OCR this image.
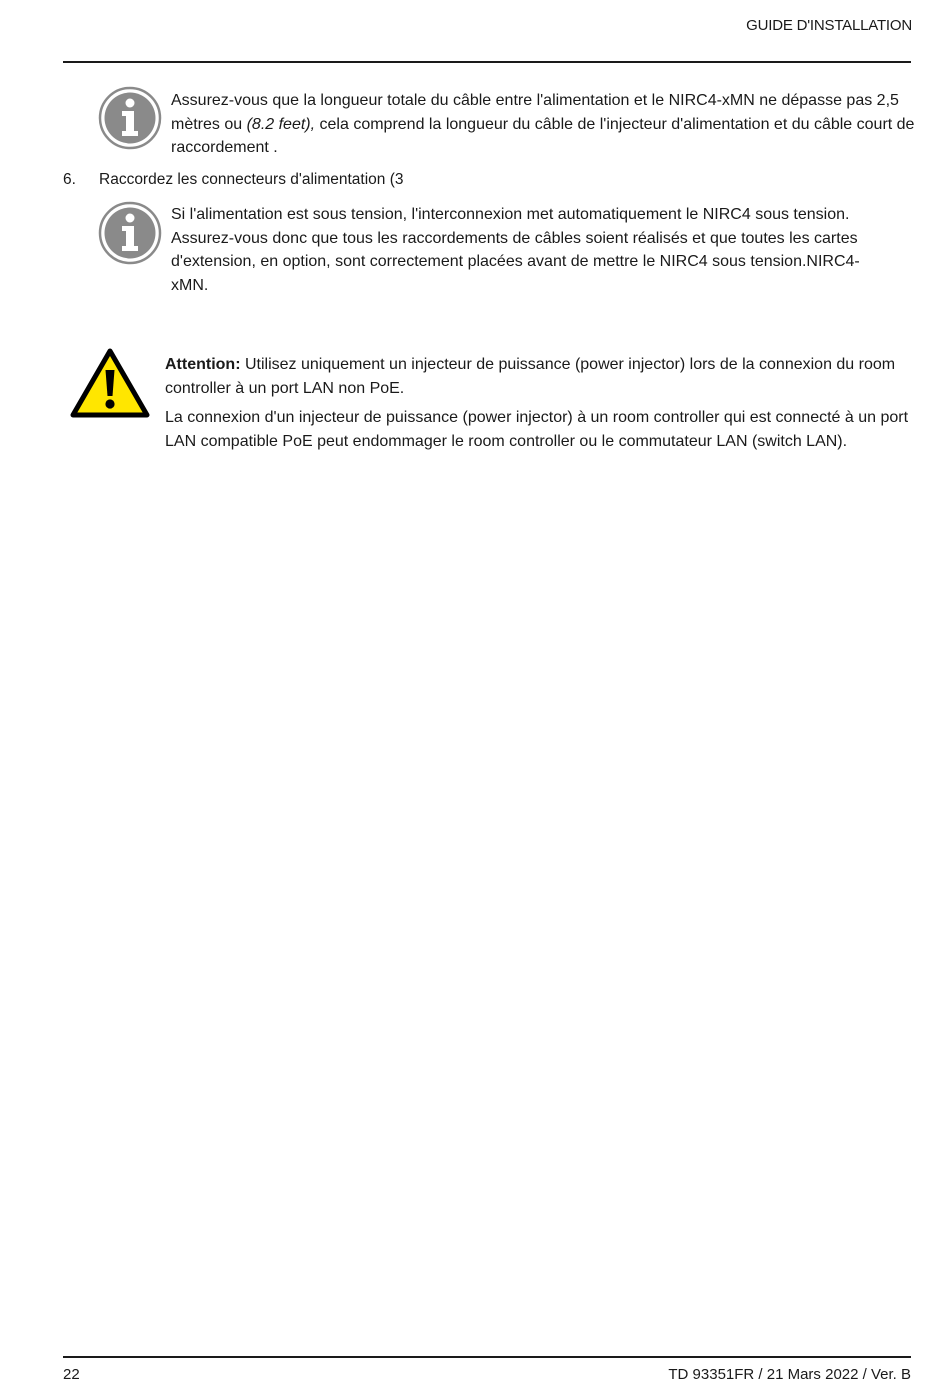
GUIDE D'INSTALLATION

Assurez-vous que la longueur totale du câble entre l'alimentation et le NIRC4-xMN ne dépasse pas 2,5 mètres ou (8.2 feet), cela comprend la longueur du câble de l'injecteur d'alimentation et du câble court de raccordement .

6. Raccordez les connecteurs d'alimentation (3

Si l'alimentation est sous tension, l'interconnexion met automatiquement le NIRC4 sous tension. Assurez-vous donc que tous les raccordements de câbles soient réalisés et que toutes les cartes d'extension, en option, sont correctement placées avant de mettre le NIRC4 sous tension.NIRC4-xMN.

Attention: Utilisez uniquement un injecteur de puissance (power injector) lors de la connexion du room controller à un port LAN non PoE.

La connexion d'un injecteur de puissance (power injector) à un room controller qui est connecté à un port LAN compatible PoE peut endommager le room controller ou le commutateur LAN (switch LAN).

22	TD 93351FR / 21 Mars 2022 / Ver. B
